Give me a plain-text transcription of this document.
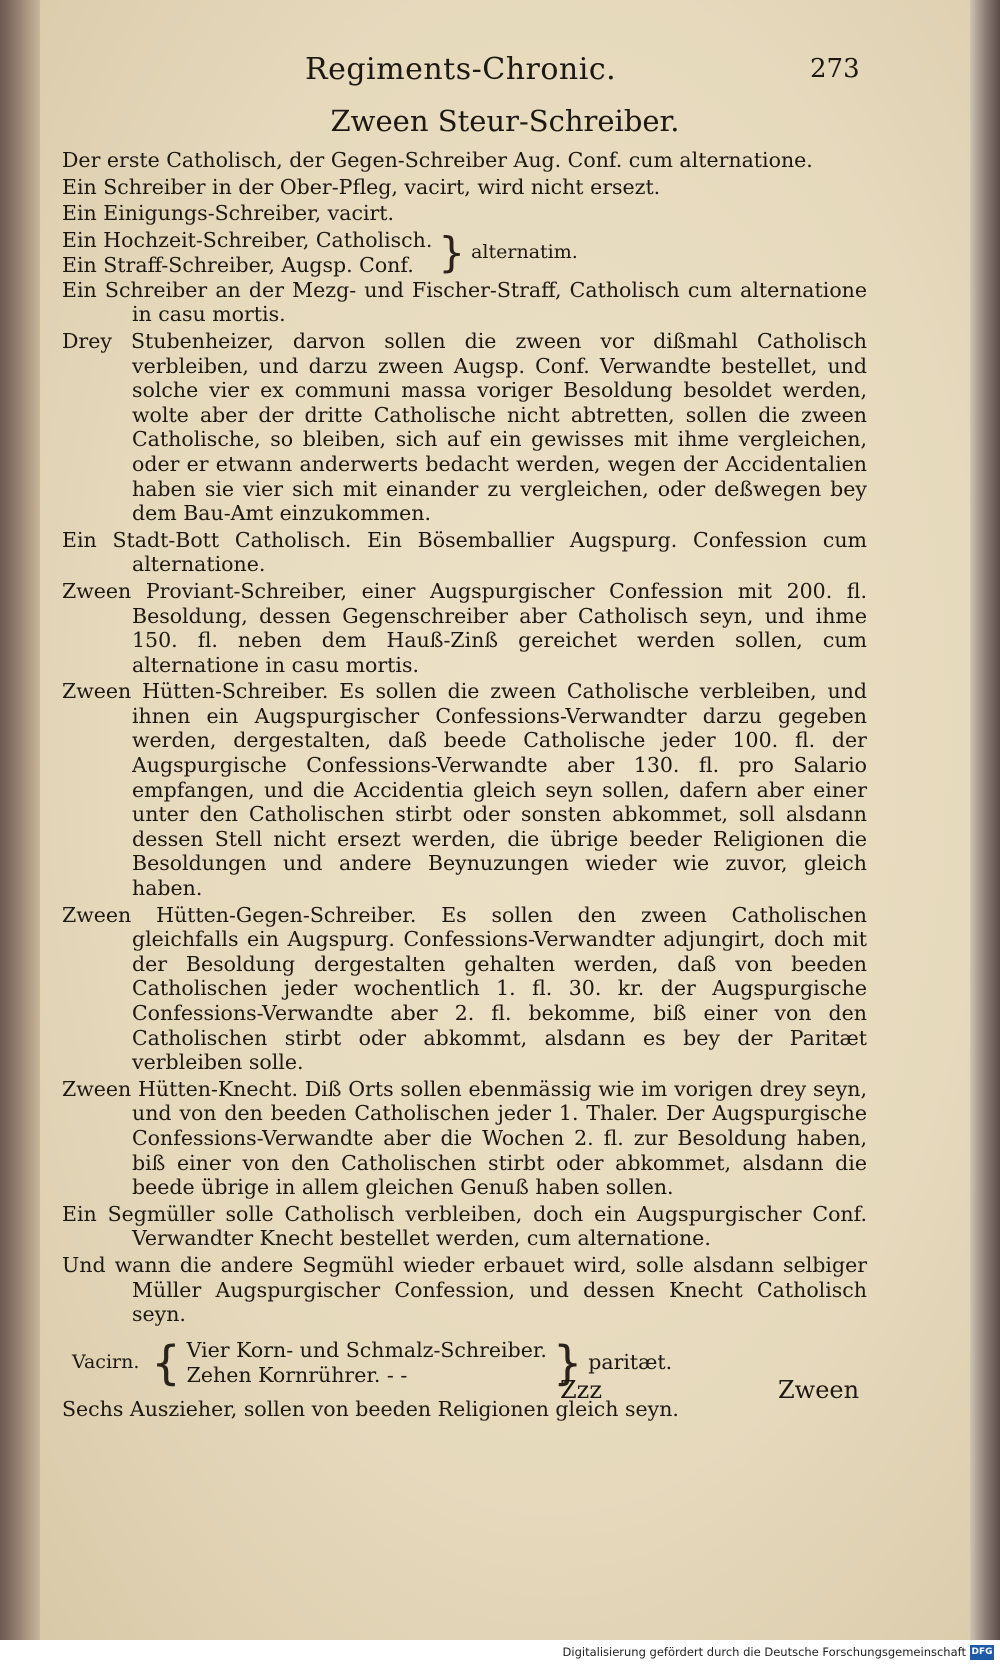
Regiments-Chronic.	273
Zween Steur-Schreiber.

Der erste Catholisch, der Gegen-Schreiber Aug. Conf. cum alternatione.

Ein Schreiber in der Ober-Pfleg, vacirt, wird nicht ersezt.

Ein Einigungs-Schreiber, vacirt.

Ein Hochzeit-Schreiber, Catholisch.
Ein Straff-Schreiber, Augsp. Conf. } alternatim.

Ein Schreiber an der Mezg- und Fischer-Straff, Catholisch cum alternatione in casu mortis.

Drey Stubenheizer, darvon sollen die zween vor dißmahl Catholisch verbleiben, und darzu zween Augsp. Conf. Verwandte bestellet, und solche vier ex communi massa voriger Besoldung besoldet werden, wolte aber der dritte Catholische nicht abtretten, sollen die zween Catholische, so bleiben, sich auf ein gewisses mit ihme vergleichen, oder er etwann anderwerts bedacht werden, wegen der Accidentalien haben sie vier sich mit einander zu vergleichen, oder deßwegen bey dem Bau-Amt einzukommen.

Ein Stadt-Bott Catholisch. Ein Bösemballier Augspurg. Confession cum alternatione.

Zween Proviant-Schreiber, einer Augspurgischer Confession mit 200. fl. Besoldung, dessen Gegenschreiber aber Catholisch seyn, und ihme 150. fl. neben dem Hauß-Zinß gereichet werden sollen, cum alternatione in casu mortis.

Zween Hütten-Schreiber. Es sollen die zween Catholische verbleiben, und ihnen ein Augspurgischer Confessions-Verwandter darzu gegeben werden, dergestalten, daß beede Catholische jeder 100. fl. der Augspurgische Confessions-Verwandte aber 130. fl. pro Salario empfangen, und die Accidentia gleich seyn sollen, dafern aber einer unter den Catholischen stirbt oder sonsten abkommet, soll alsdann dessen Stell nicht ersezt werden, die übrige beeder Religionen die Besoldungen und andere Beynuzungen wieder wie zuvor, gleich haben.

Zween Hütten-Gegen-Schreiber. Es sollen den zween Catholischen gleichfalls ein Augspurg. Confessions-Verwandter adjungirt, doch mit der Besoldung dergestalten gehalten werden, daß von beeden Catholischen jeder wochentlich 1. fl. 30. kr. der Augspurgische Confessions-Verwandte aber 2. fl. bekomme, biß einer von den Catholischen stirbt oder abkommt, alsdann es bey der Paritæt verbleiben solle.

Zween Hütten-Knecht. Diß Orts sollen ebenmässig wie im vorigen drey seyn, und von den beeden Catholischen jeder 1. Thaler. Der Augspurgische Confessions-Verwandte aber die Wochen 2. fl. zur Besoldung haben, biß einer von den Catholischen stirbt oder abkommet, alsdann die beede übrige in allem gleichen Genuß haben sollen.

Ein Segmüller solle Catholisch verbleiben, doch ein Augspurgischer Conf. Verwandter Knecht bestellet werden, cum alternatione.

Und wann die andere Segmühl wieder erbauet wird, solle alsdann selbiger Müller Augspurgischer Confession, und dessen Knecht Catholisch seyn.

Vacirn. { Vier Korn- und Schmalz-Schreiber.
Zehen Kornrührer. - -	} paritæt.

Sechs Auszieher, sollen von beeden Religionen gleich seyn.

Zzz	Zween
Digitalisierung gefördert durch die Deutsche Forschungsgemeinschaft DFG
